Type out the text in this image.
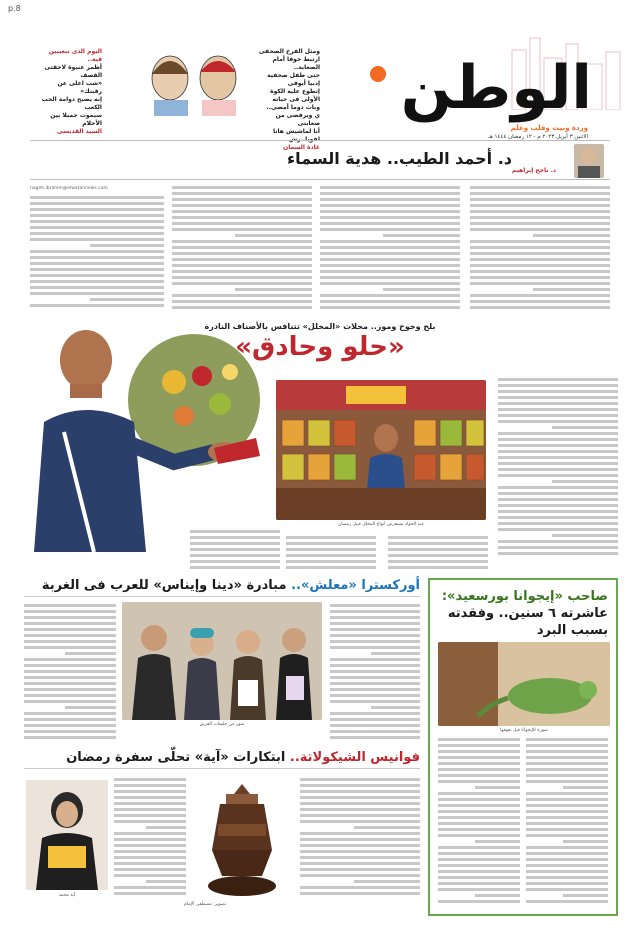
p.8
الوطن
وردة وبيت وقلب وعلم
الاثنين ٣ أبريل ٢٠٢٣ م - ١٢ رمضان ١٤٤٤ هـ
ومثل الفرخ الصحفى
ارتبط خوفا أمام الصعابة..
حتى طفل صحفية إدبيا أيوقى
إتطوع عليه الكوة الأولى فى حياته
وبات دوما أمضى..
ي ويرفضى من صعابتى
أنا لماشيش هانا لقويا..رش
غادة السمان
اليوم الذى تبغيبين فيه..
أظمر عنيوة لاحقتى القصف
«شب اعلى عن رقبتك»
إنه يصبح دوامة الحب الكعب
سيموت جميلا بين الأحلام
السيد القديسى
د. أحمد الطيب.. هدية السماء
د. ناجح إبراهيم
nageh.ibrahim@elwatannews.com
بلح وخوخ وموز.. محلات «المخلل» تتنافس بالأصناف النادرة
«حلو وحادق»
عبد الجواد يستعرض أنواع المخلل قبيل رمضان
أوركسترا «معلش».. مبادرة «دينا وإيناس» للعرب فى الغربة
صور من جلسات الفريق
صاحب «إيجوانا بورسعيد»: عاشرته ٦ سنين.. وفقدته بسبب البرد
صورة للإيجوانا قبل نفوقها
فوانيس الشيكولاتة.. ابتكارات «آية» تحلّى سفرة رمضان
آية محمد
تصوير: مصطفى الإمام
